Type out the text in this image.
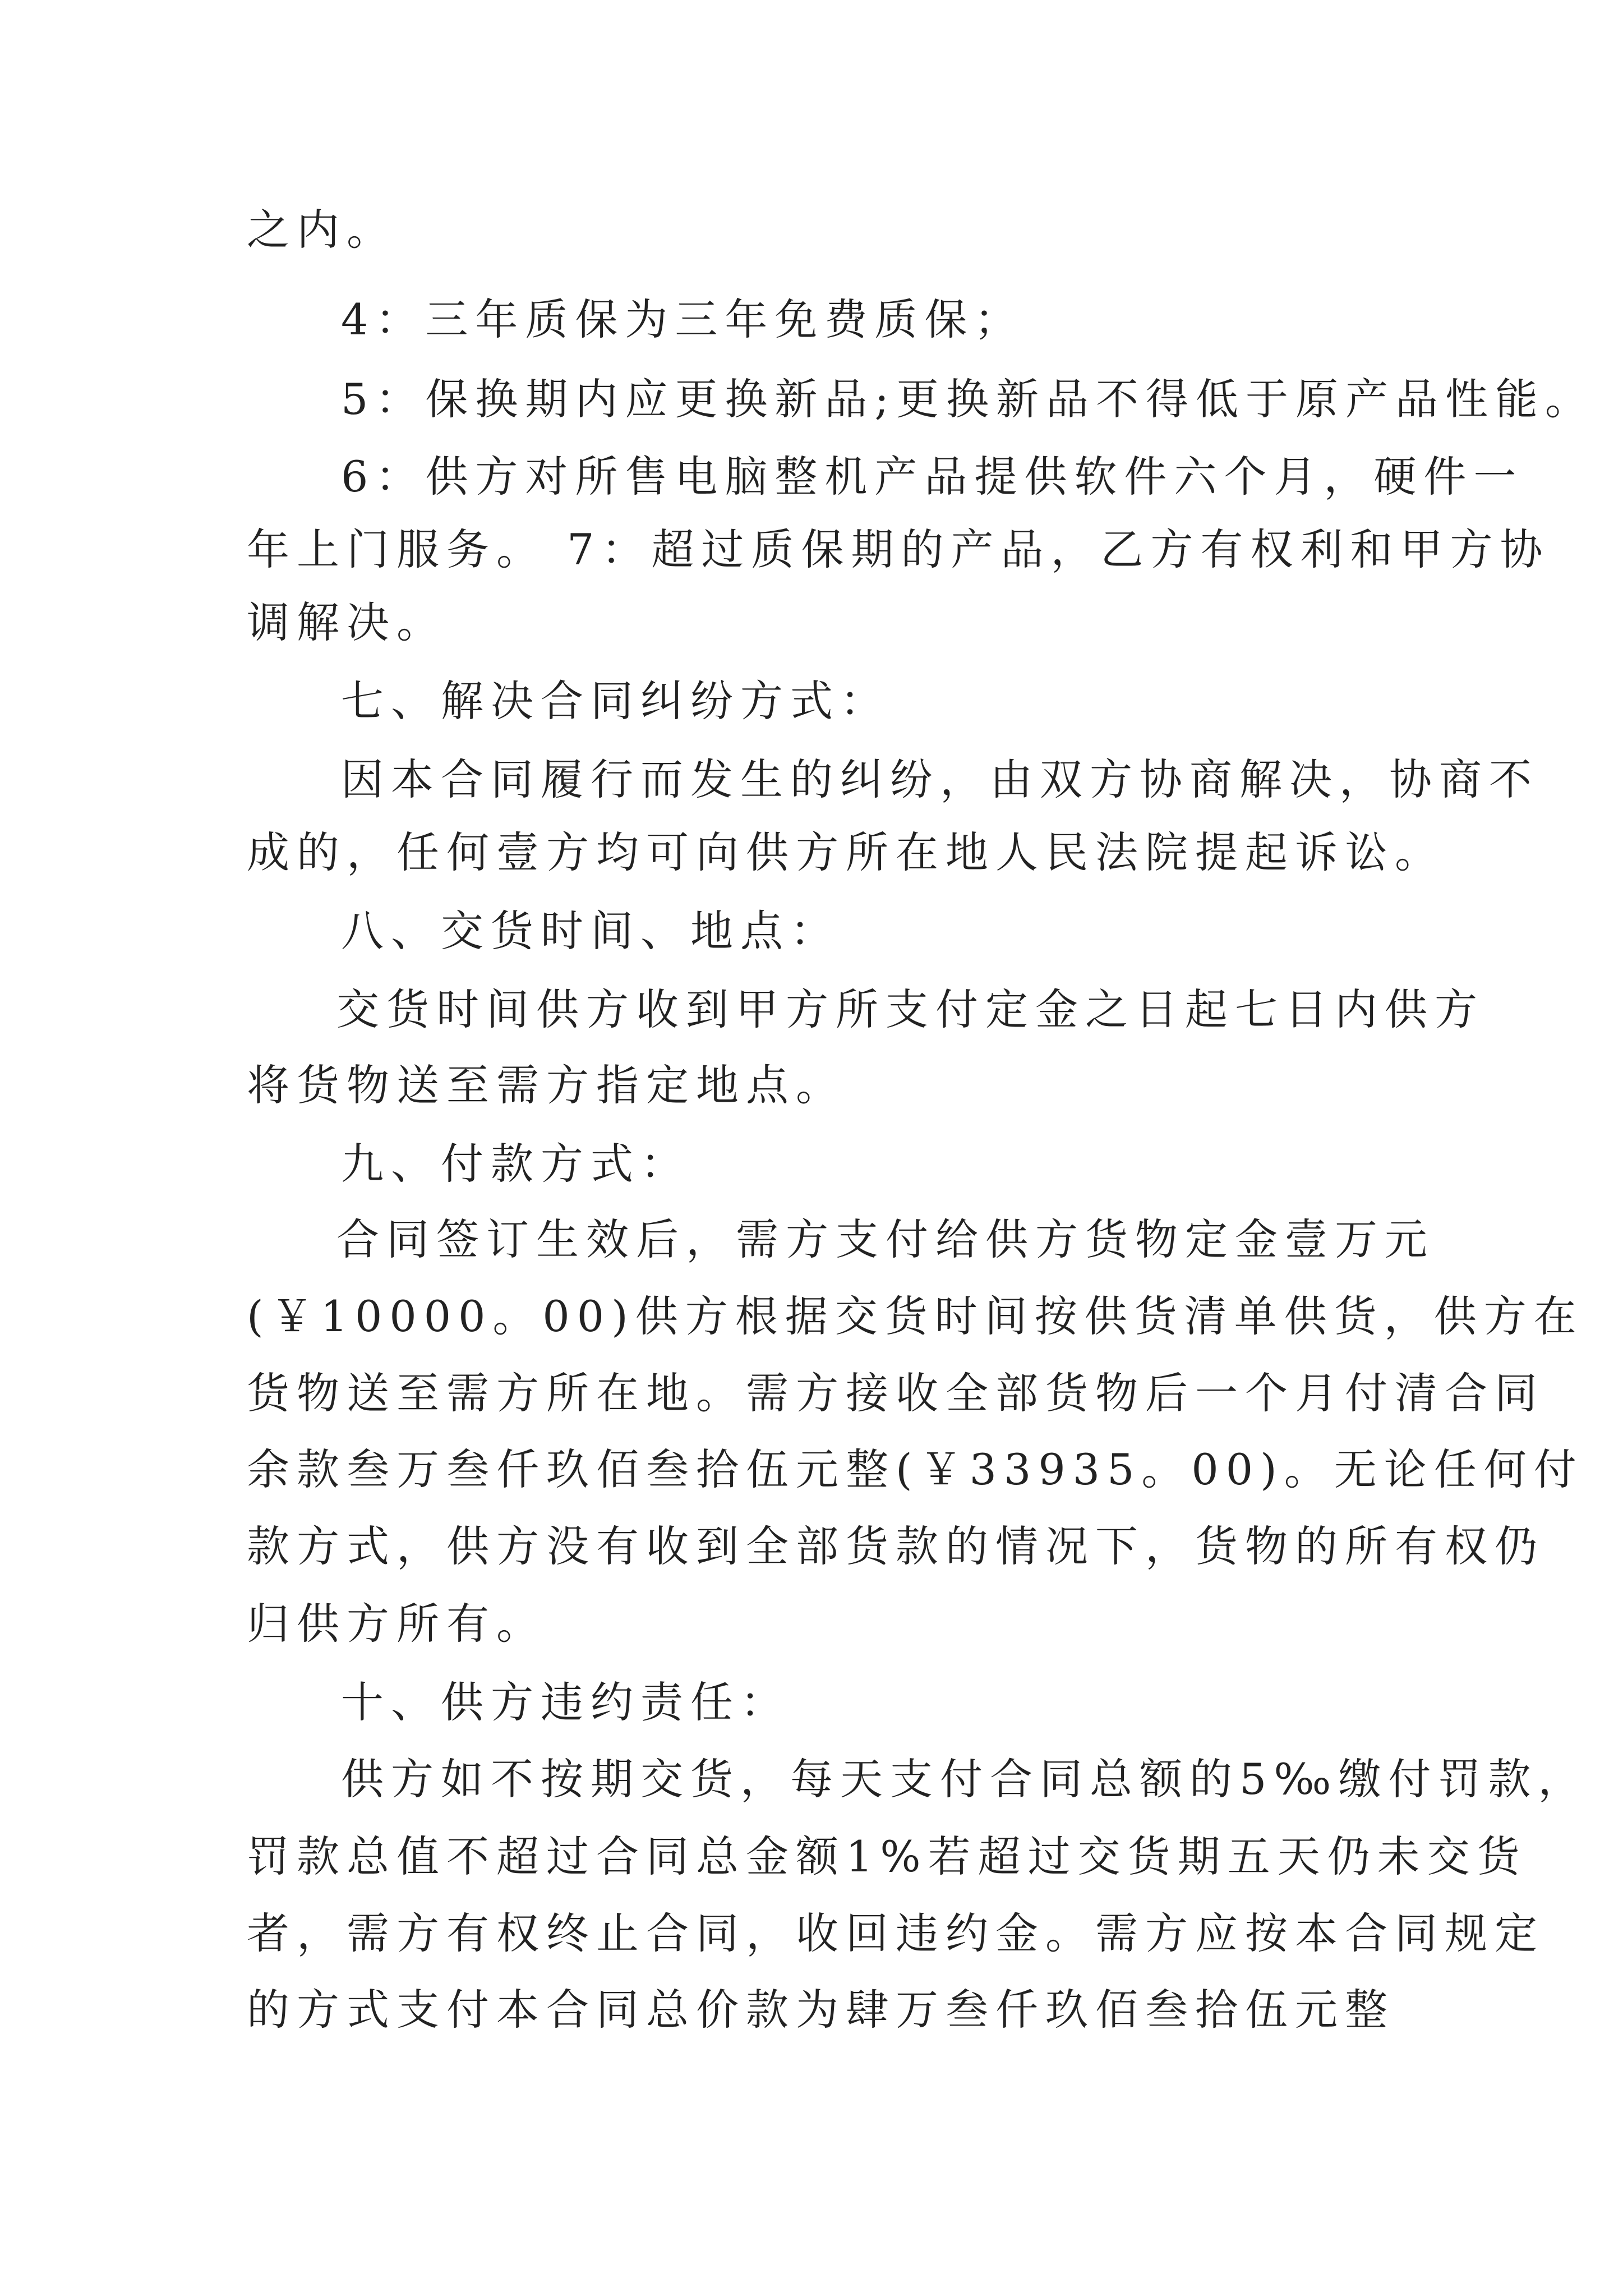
之内。
4：三年质保为三年免费质保；
5：保换期内应更换新品;更换新品不得低于原产品性能。
6：供方对所售电脑整机产品提供软件六个月，硬件一
年上门服务。 7：超过质保期的产品，乙方有权利和甲方协
调解决。
七、解决合同纠纷方式：
因本合同履行而发生的纠纷，由双方协商解决，协商不
成的，任何壹方均可向供方所在地人民法院提起诉讼。
八、交货时间、地点：
交货时间供方收到甲方所支付定金之日起七日内供方
将货物送至需方指定地点。
九、付款方式：
合同签订生效后，需方支付给供方货物定金壹万元
(￥10000。00)供方根据交货时间按供货清单供货，供方在
货物送至需方所在地。需方接收全部货物后一个月付清合同
余款叁万叁仟玖佰叁拾伍元整(￥33935。00)。无论任何付
款方式，供方没有收到全部货款的情况下，货物的所有权仍
归供方所有。
十、供方违约责任：
供方如不按期交货，每天支付合同总额的5‰缴付罚款，
罚款总值不超过合同总金额1%若超过交货期五天仍未交货
者，需方有权终止合同，收回违约金。需方应按本合同规定
的方式支付本合同总价款为肆万叁仟玖佰叁拾伍元整
